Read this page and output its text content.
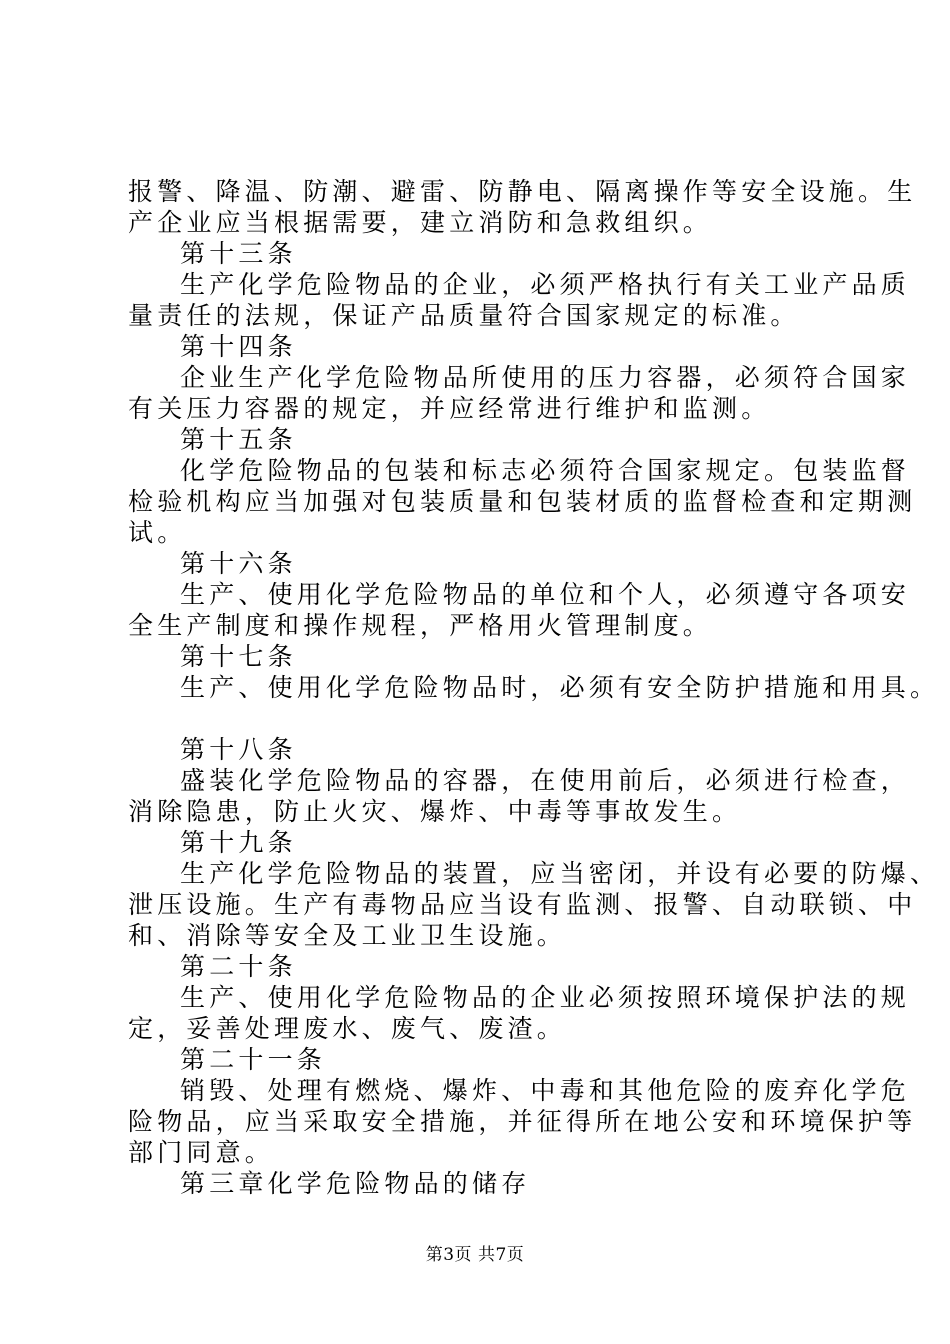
报警、降温、防潮、避雷、防静电、隔离操作等安全设施。生

产企业应当根据需要，建立消防和急救组织。

第十三条

生产化学危险物品的企业，必须严格执行有关工业产品质

量责任的法规，保证产品质量符合国家规定的标准。

第十四条

企业生产化学危险物品所使用的压力容器，必须符合国家

有关压力容器的规定，并应经常进行维护和监测。

第十五条

化学危险物品的包装和标志必须符合国家规定。包装监督

检验机构应当加强对包装质量和包装材质的监督检查和定期测

试。

第十六条

生产、使用化学危险物品的单位和个人，必须遵守各项安

全生产制度和操作规程，严格用火管理制度。

第十七条

生产、使用化学危险物品时，必须有安全防护措施和用具。

第十八条

盛装化学危险物品的容器，在使用前后，必须进行检查，

消除隐患，防止火灾、爆炸、中毒等事故发生。

第十九条

生产化学危险物品的装置，应当密闭，并设有必要的防爆、

泄压设施。生产有毒物品应当设有监测、报警、自动联锁、中

和、消除等安全及工业卫生设施。

第二十条

生产、使用化学危险物品的企业必须按照环境保护法的规

定，妥善处理废水、废气、废渣。

第二十一条

销毁、处理有燃烧、爆炸、中毒和其他危险的废弃化学危

险物品，应当采取安全措施，并征得所在地公安和环境保护等

部门同意。

第三章化学危险物品的储存

第3页 共7页
